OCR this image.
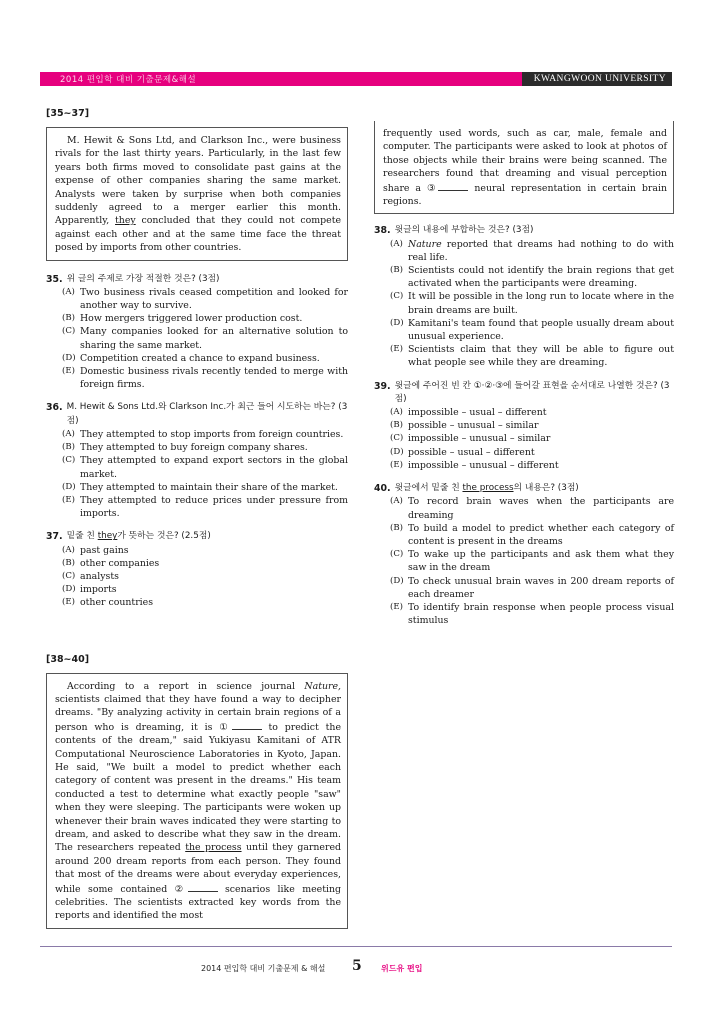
2014 편입학 대비 기출문제&해설	KWANGWOON UNIVERSITY
[35~37]

M. Hewit & Sons Ltd, and Clarkson Inc., were business rivals for the last thirty years. Particularly, in the last few years both firms moved to consolidate past gains at the expense of other companies sharing the same market. Analysts were taken by surprise when both companies suddenly agreed to a merger earlier this month. Apparently, they concluded that they could not compete against each other and at the same time face the threat posed by imports from other countries.

35. 위 글의 주제로 가장 적절한 것은? (3점)
(A) Two business rivals ceased competition and looked for another way to survive.
(B) How mergers triggered lower production cost.
(C) Many companies looked for an alternative solution to sharing the same market.
(D) Competition created a chance to expand business.
(E) Domestic business rivals recently tended to merge with foreign firms.
36. M. Hewit & Sons Ltd.와 Clarkson Inc.가 최근 들어 시도하는 바는? (3점)
(A) They attempted to stop imports from foreign countries.
(B) They attempted to buy foreign company shares.
(C) They attempted to expand export sectors in the global market.
(D) They attempted to maintain their share of the market.
(E) They attempted to reduce prices under pressure from imports.
37. 밑줄 친 they가 뜻하는 것은? (2.5점)
(A) past gains
(B) other companies
(C) analysts
(D) imports
(E) other countries
[38~40]

According to a report in science journal Nature, scientists claimed that they have found a way to decipher dreams. "By analyzing activity in certain brain regions of a person who is dreaming, it is ①	to predict the contents of the dream," said Yukiyasu Kamitani of ATR Computational Neuroscience Laboratories in Kyoto, Japan. He said, "We built a model to predict whether each category of content was present in the dreams." His team conducted a test to determine what exactly people "saw" when they were sleeping. The participants were woken up whenever their brain waves indicated they were starting to dream, and asked to describe what they saw in the dream. The researchers repeated the process until they garnered around 200 dream reports from each person. They found that most of the dreams were about everyday experiences, while some contained ②	scenarios like meeting celebrities. The scientists extracted key words from the reports and identified the most

frequently used words, such as car, male, female and computer. The participants were asked to look at photos of those objects while their brains were being scanned. The researchers found that dreaming and visual perception share a ③	neural representation in certain brain regions.

38. 윗글의 내용에 부합하는 것은? (3점)
(A) Nature reported that dreams had nothing to do with real life.
(B) Scientists could not identify the brain regions that get activated when the participants were dreaming.
(C) It will be possible in the long run to locate where in the brain dreams are built.
(D) Kamitani's team found that people usually dream about unusual experience.
(E) Scientists claim that they will be able to figure out what people see while they are dreaming.
39. 윗글에 주어진 빈 칸 ①·②·③에 들어갈 표현을 순서대로 나열한 것은? (3점)
(A) impossible – usual – different
(B) possible – unusual – similar
(C) impossible – unusual – similar
(D) possible – usual – different
(E) impossible – unusual – different
40. 윗글에서 밑줄 친 the process의 내용은? (3점)
(A) To record brain waves when the participants are dreaming
(B) To build a model to predict whether each category of content is present in the dreams
(C) To wake up the participants and ask them what they saw in the dream
(D) To check unusual brain waves in 200 dream reports of each dreamer
(E) To identify brain response when people process visual stimulus
2014 편입학 대비 기출문제 & 해설 5 위드유 편입
